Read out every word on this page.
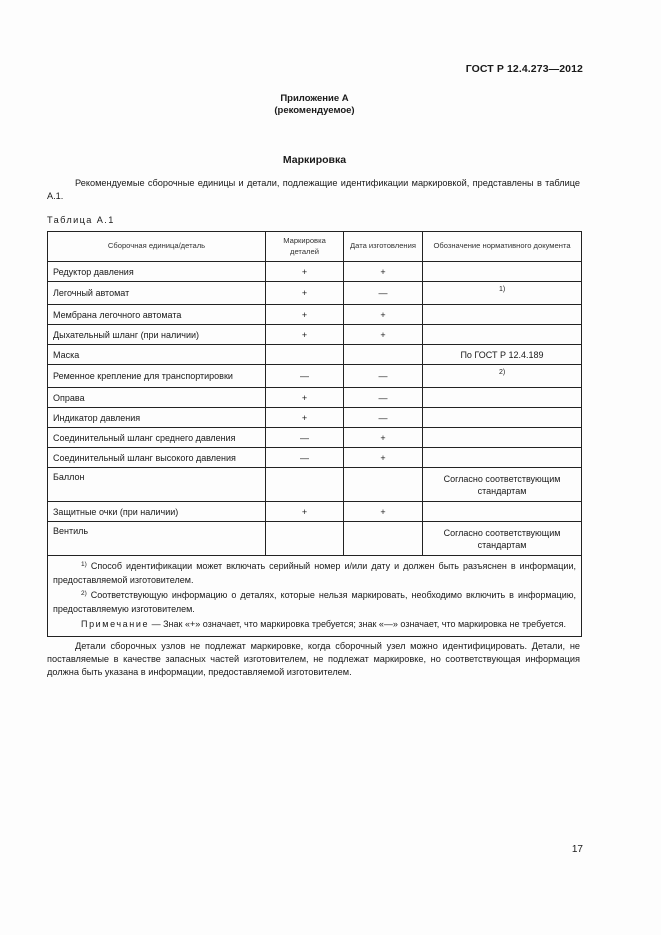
ГОСТ Р 12.4.273—2012
Приложение А
(рекомендуемое)
Маркировка

Рекомендуемые сборочные единицы и детали, подлежащие идентификации маркировкой, представлены в таблице А.1.

Таблица А.1
Сборочная единица/деталь	Маркировка деталей	Дата изготовления	Обозначение нормативного документа
Редуктор давления	+	+	
Легочный автомат	+	—	1)

Мембрана легочного автомата	+	+	
Дыхательный шланг (при наличии)	+	+	
Маска			По ГОСТ Р 12.4.189
Ременное крепление для транспортировки	—	—	2)

Оправа	+	—	
Индикатор давления	+	—	
Соединительный шланг среднего давления	—	+	
Соединительный шланг высокого давления	—	+	
Баллон			Согласно соответствующим стандартам
Защитные очки (при наличии)	+	+	
Вентиль			Согласно соответствующим стандартам

$^{1)}$ Способ идентификации может включать серийный номер и/или дату и должен быть разъяснен в информации, предоставляемой изготовителем.

$^{2)}$ Соответствующую информацию о деталях, которые нельзя маркировать, необходимо включить в информацию, предоставляемую изготовителем.

Примечание — Знак «+» означает, что маркировка требуется; знак «—» означает, что маркировка не требуется.			

Детали сборочных узлов не подлежат маркировке, когда сборочный узел можно идентифицировать. Детали, не поставляемые в качестве запасных частей изготовителем, не подлежат маркировке, но соответствующая информация должна быть указана в информации, предоставляемой изготовителем.

17
